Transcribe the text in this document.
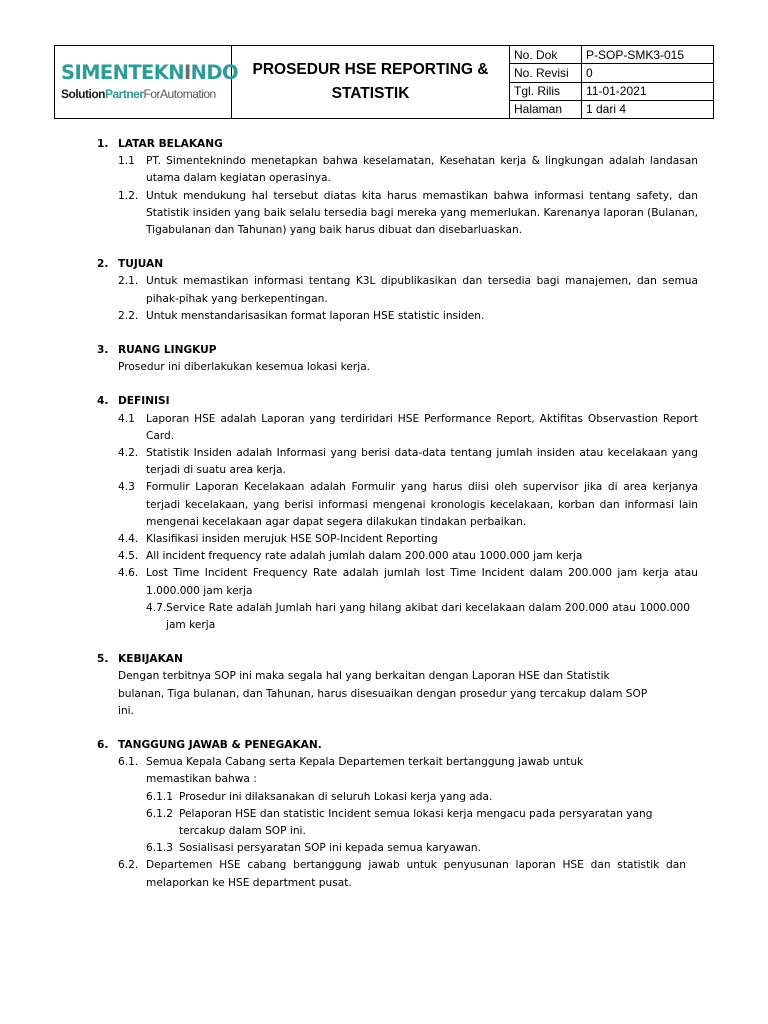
SIMENTEKNINDO
SolutionPartnerForAutomation
PROSEDUR HSE REPORTING & STATISTIK
No. Dok	P-SOP-SMK3-015
No. Revisi	0
Tgl. Rilis	11-01-2021
Halaman	1 dari 4
1. LATAR BELAKANG
1.1 PT. Simenteknindo menetapkan bahwa keselamatan, Kesehatan kerja & lingkungan adalah landasan utama dalam kegiatan operasinya.
1.2. Untuk mendukung hal tersebut diatas kita harus memastikan bahwa informasi tentang safety, dan Statistik insiden yang baik selalu tersedia bagi mereka yang memerlukan. Karenanya laporan (Bulanan, Tigabulanan dan Tahunan) yang baik harus dibuat dan disebarluaskan.
2. TUJUAN
2.1. Untuk memastikan informasi tentang K3L dipublikasikan dan tersedia bagi manajemen, dan semua pihak-pihak yang berkepentingan.
2.2. Untuk menstandarisasikan format laporan HSE statistic insiden.
3. RUANG LINGKUP
Prosedur ini diberlakukan kesemua lokasi kerja.
4. DEFINISI
4.1 Laporan HSE adalah Laporan yang terdiridari HSE Performance Report, Aktifitas Observastion Report Card.
4.2. Statistik Insiden adalah Informasi yang berisi data-data tentang jumlah insiden atau kecelakaan yang terjadi di suatu area kerja.
4.3 Formulir Laporan Kecelakaan adalah Formulir yang harus diisi oleh supervisor jika di area kerjanya terjadi kecelakaan, yang berisi informasi mengenai kronologis kecelakaan, korban dan informasi lain mengenai kecelakaan agar dapat segera dilakukan tindakan perbaikan.
4.4. Klasifikasi insiden merujuk HSE SOP-Incident Reporting
4.5. All incident frequency rate adalah jumlah dalam 200.000 atau 1000.000 jam kerja
4.6. Lost Time Incident Frequency Rate adalah jumlah lost Time Incident dalam 200.000 jam kerja atau 1.000.000 jam kerja
4.7. Service Rate adalah Jumlah hari yang hilang akibat dari kecelakaan dalam 200.000 atau 1000.000 jam kerja
5. KEBIJAKAN
Dengan terbitnya SOP ini maka segala hal yang berkaitan dengan Laporan HSE dan Statistik bulanan, Tiga bulanan, dan Tahunan, harus disesuaikan dengan prosedur yang tercakup dalam SOP ini.
6. TANGGUNG JAWAB & PENEGAKAN.
6.1. Semua Kepala Cabang serta Kepala Departemen terkait bertanggung jawab untuk memastikan bahwa :
6.1.1 Prosedur ini dilaksanakan di seluruh Lokasi kerja yang ada.
6.1.2 Pelaporan HSE dan statistic Incident semua lokasi kerja mengacu pada persyaratan yang tercakup dalam SOP ini.
6.1.3 Sosialisasi persyaratan SOP ini kepada semua karyawan.
6.2. Departemen HSE cabang bertanggung jawab untuk penyusunan laporan HSE dan statistik dan melaporkan ke HSE department pusat.
